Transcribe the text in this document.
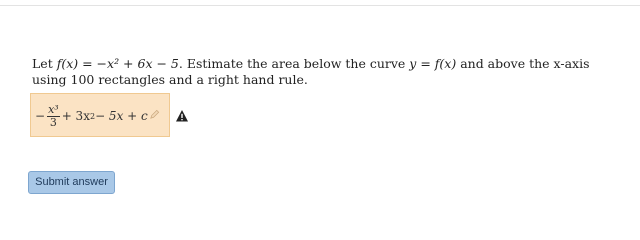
Let f(x) = −x² + 6x − 5. Estimate the area below the curve y = f(x) and above the x-axis using 100 rectangles and a right hand rule.

− $\frac{\text{x³}}{3} + 3x$ 2 − 5x + c
Submit answer
